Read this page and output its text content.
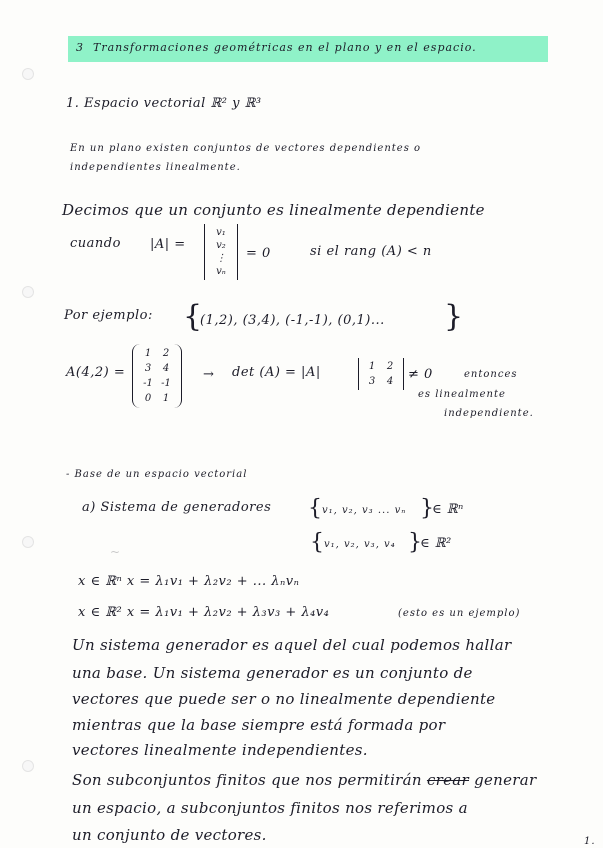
3 Transformaciones geométricas en el plano y en el espacio.
1. Espacio vectorial ℝ² y ℝ³
En un plano existen conjuntos de vectores dependientes o
independientes linealmente.
Decimos que un conjunto es linealmente dependiente
cuando |A| =
v₁
v₂
⋮
vₙ
= 0	si el rang (A) < n
Por ejemplo: {
(1,2), (3,4), (-1,-1), (0,1)... }
A(4,2) =
1	2
3	4
-1 -1
0	1
→ det (A) = |A|	1	2
3	4	≠ 0	entonces
es linealmente
independiente.
- Base de un espacio vectorial
a) Sistema de generadores { v₁, v₂, v₃ ... vₙ }
∈ ℝⁿ
{ v₁, v₂, v₃, v₄ }
∈ ℝ²
~
x ∈ ℝⁿ x = λ₁v₁ + λ₂v₂ + ... λₙvₙ
x ∈ ℝ² x = λ₁v₁ + λ₂v₂ + λ₃v₃ + λ₄v₄	(esto es un ejemplo)
Un sistema generador es aquel del cual podemos hallar
una base. Un sistema generador es un conjunto de
vectores que puede ser o no linealmente dependiente
mientras que la base siempre está formada por
vectores linealmente independientes.
Son subconjuntos finitos que nos permitirán crear generar
un espacio, a subconjuntos finitos nos referimos a
un conjunto de vectores.	1.
